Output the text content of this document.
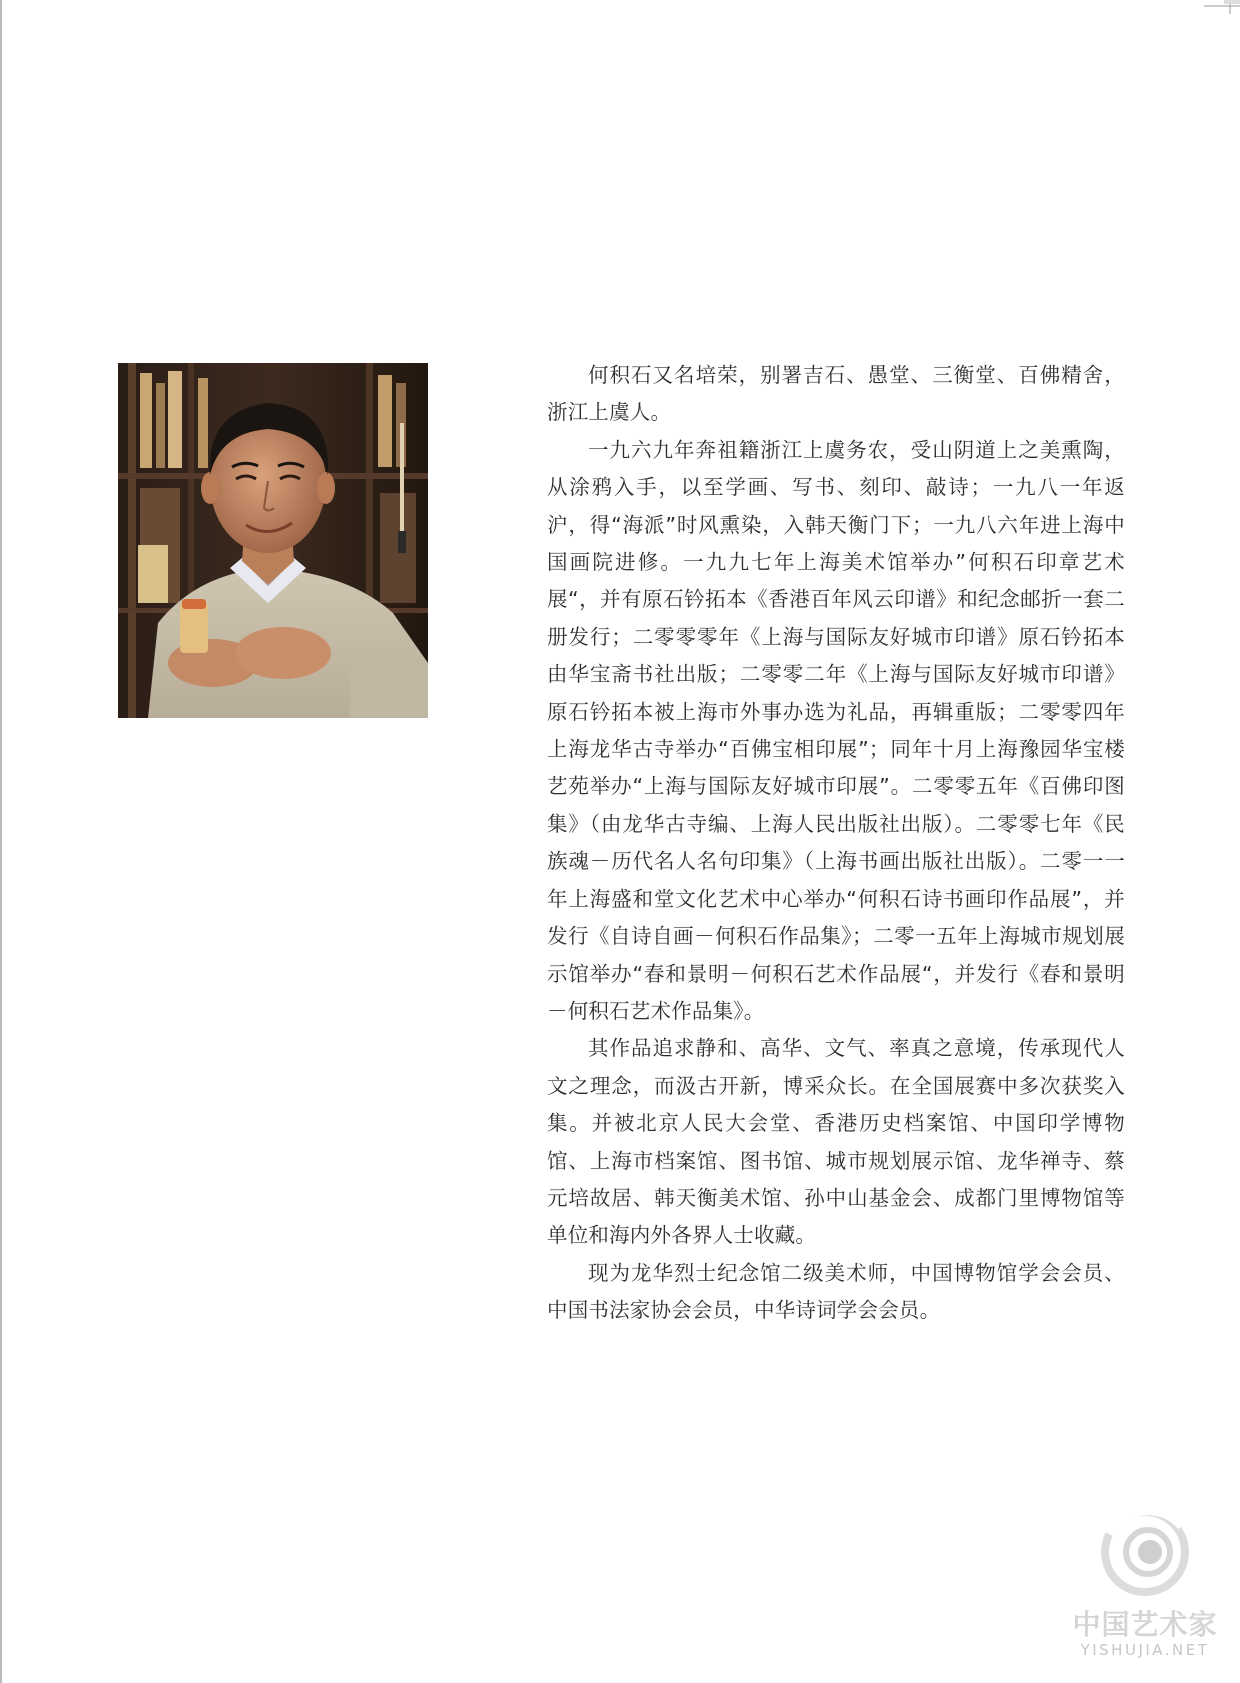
何积石又名培荣，别署吉石、愚堂、三衡堂、百佛精舍，浙江上虞人。

一九六九年奔祖籍浙江上虞务农，受山阴道上之美熏陶，从涂鸦入手，以至学画、写书、刻印、敲诗；一九八一年返沪，得“海派”时风熏染，入韩天衡门下；一九八六年进上海中国画院进修。一九九七年上海美术馆举办”何积石印章艺术展“，并有原石钤拓本《香港百年风云印谱》和纪念邮折一套二册发行；二零零零年《上海与国际友好城市印谱》原石钤拓本由华宝斋书社出版；二零零二年《上海与国际友好城市印谱》原石钤拓本被上海市外事办选为礼品，再辑重版；二零零四年上海龙华古寺举办“百佛宝相印展”；同年十月上海豫园华宝楼艺苑举办“上海与国际友好城市印展”。二零零五年《百佛印图集》（由龙华古寺编、上海人民出版社出版）。二零零七年《民族魂－历代名人名句印集》（上海书画出版社出版）。二零一一年上海盛和堂文化艺术中心举办“何积石诗书画印作品展”，并发行《自诗自画－何积石作品集》；二零一五年上海城市规划展示馆举办“春和景明－何积石艺术作品展“，并发行《春和景明－何积石艺术作品集》。

其作品追求静和、高华、文气、率真之意境，传承现代人文之理念，而汲古开新，博采众长。在全国展赛中多次获奖入集。并被北京人民大会堂、香港历史档案馆、中国印学博物馆、上海市档案馆、图书馆、城市规划展示馆、龙华禅寺、蔡元培故居、韩天衡美术馆、孙中山基金会、成都门里博物馆等单位和海内外各界人士收藏。

现为龙华烈士纪念馆二级美术师，中国博物馆学会会员、中国书法家协会会员，中华诗词学会会员。

中国艺术家
YISHUJIA.NET
